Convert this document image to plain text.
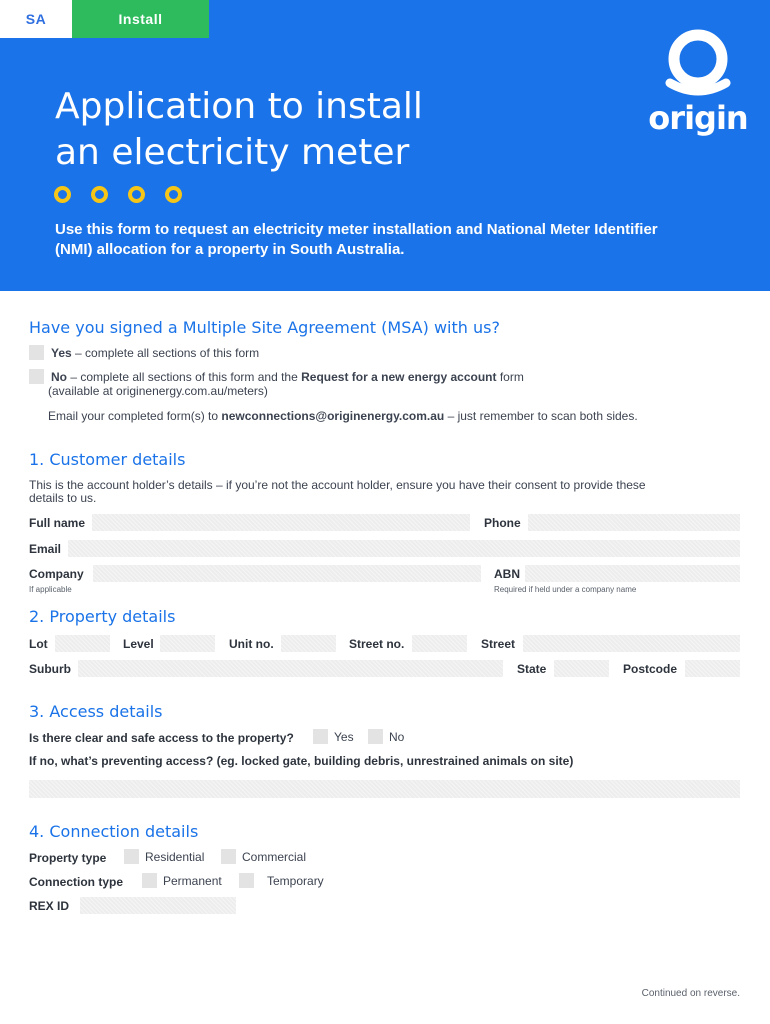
SA	Install
Application to install
an electricity meter
Use this form to request an electricity meter installation and National Meter Identifier (NMI) allocation for a property in South Australia.
origin
Have you signed a Multiple Site Agreement (MSA) with us?
Yes – complete all sections of this form
No – complete all sections of this form and the Request for a new energy account form
(available at originenergy.com.au/meters)
Email your completed form(s) to newconnections@originenergy.com.au – just remember to scan both sides.
1. Customer details
This is the account holder’s details – if you’re not the account holder, ensure you have their consent to provide these details to us.
Full name	Phone
Email
Company	ABN
If applicable	Required if held under a company name
2. Property details
Lot	Level	Unit no.	Street no.	Street
Suburb	State	Postcode
3. Access details
Is there clear and safe access to the property?	Yes	No
If no, what’s preventing access? (eg. locked gate, building debris, unrestrained animals on site)
4. Connection details
Property type	Residential	Commercial
Connection type	Permanent	Temporary
REX ID
Continued on reverse.
